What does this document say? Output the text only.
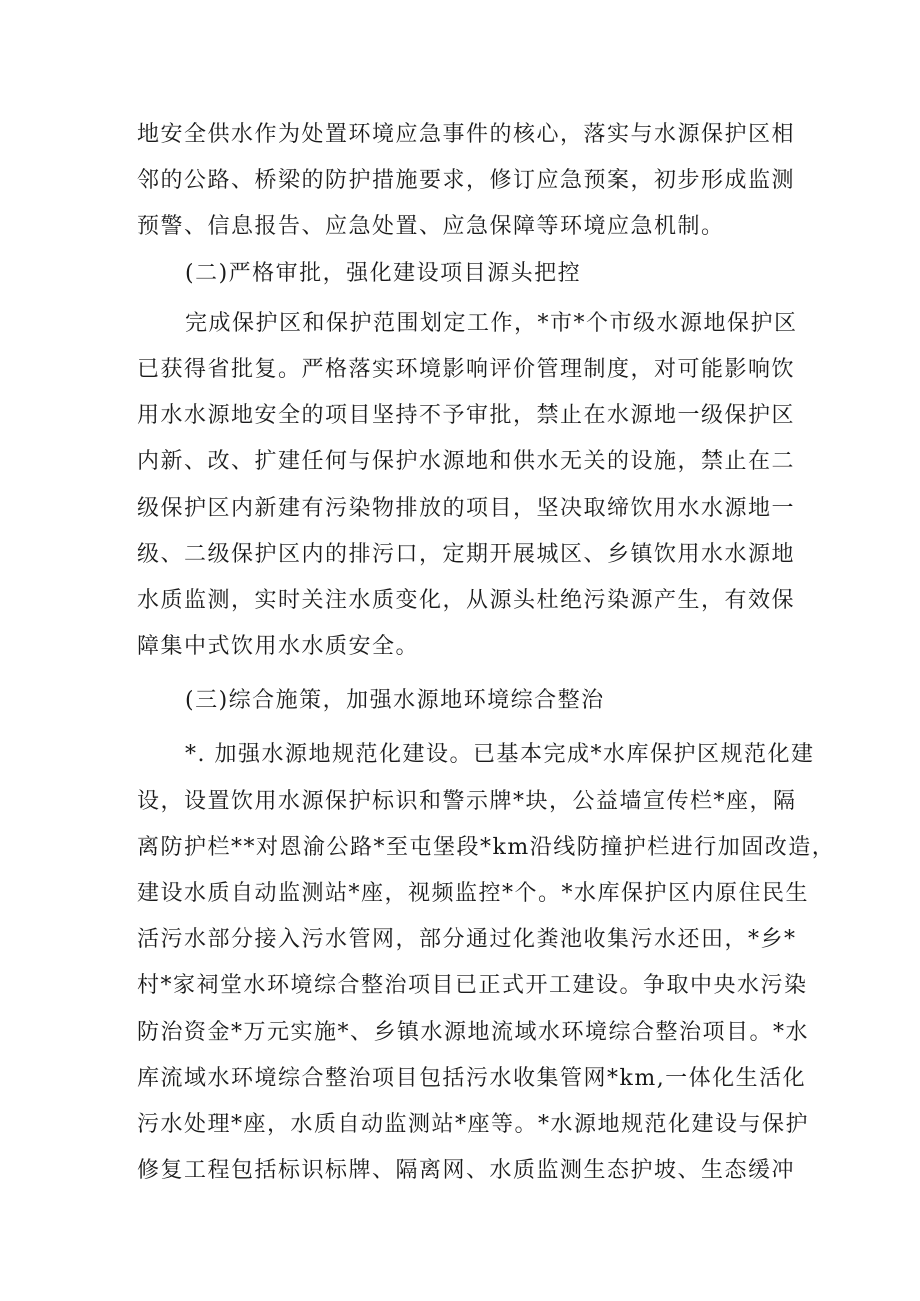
地安全供水作为处置环境应急事件的核心，落实与水源保护区相
邻的公路、桥梁的防护措施要求，修订应急预案，初步形成监测
预警、信息报告、应急处置、应急保障等环境应急机制。
(二)严格审批，强化建设项目源头把控
完成保护区和保护范围划定工作，*市*个市级水源地保护区
已获得省批复。严格落实环境影响评价管理制度，对可能影响饮
用水水源地安全的项目坚持不予审批，禁止在水源地一级保护区
内新、改、扩建任何与保护水源地和供水无关的设施，禁止在二
级保护区内新建有污染物排放的项目，坚决取缔饮用水水源地一
级、二级保护区内的排污口，定期开展城区、乡镇饮用水水源地
水质监测，实时关注水质变化，从源头杜绝污染源产生，有效保
障集中式饮用水水质安全。
(三)综合施策，加强水源地环境综合整治
*. 加强水源地规范化建设。已基本完成*水库保护区规范化建
设，设置饮用水源保护标识和警示牌*块，公益墙宣传栏*座，隔
离防护栏**对恩渝公路*至屯堡段*km沿线防撞护栏进行加固改造，
建设水质自动监测站*座，视频监控*个。*水库保护区内原住民生
活污水部分接入污水管网，部分通过化粪池收集污水还田，*乡*
村*家祠堂水环境综合整治项目已正式开工建设。争取中央水污染
防治资金*万元实施*、乡镇水源地流域水环境综合整治项目。*水
库流域水环境综合整治项目包括污水收集管网*km,一体化生活化
污水处理*座，水质自动监测站*座等。*水源地规范化建设与保护
修复工程包括标识标牌、隔离网、水质监测生态护坡、生态缓冲
